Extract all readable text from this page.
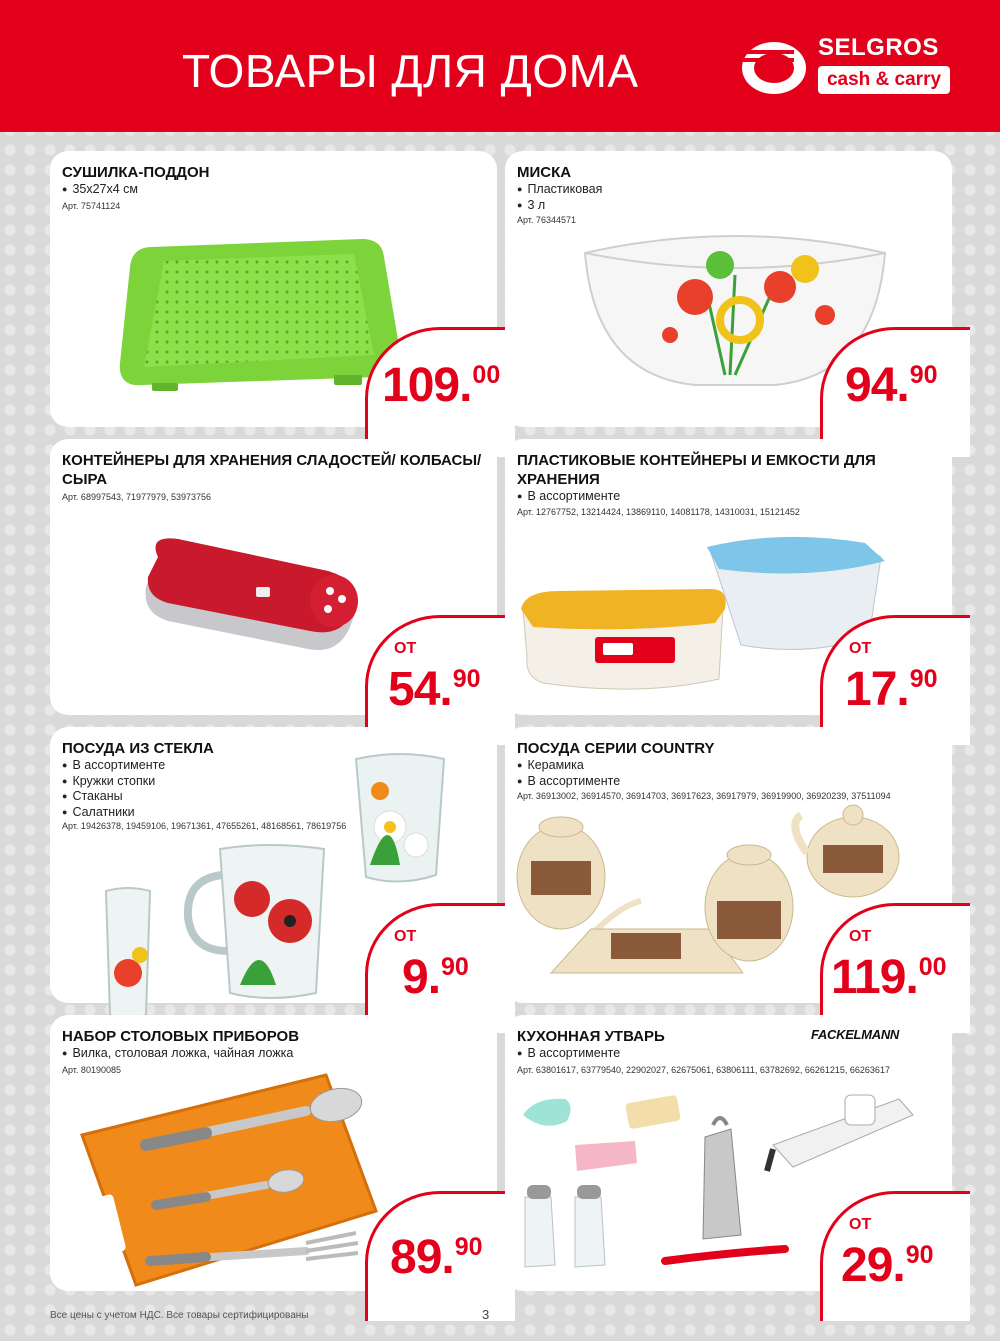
ТОВАРЫ ДЛЯ ДОМА	SELGROS
cash & carry
СУШИЛКА-ПОДДОН
● 35x27x4 см
Арт. 75741124
109.00
МИСКА
● Пластиковая
● 3 л
Арт. 76344571
94.90
КОНТЕЙНЕРЫ ДЛЯ ХРАНЕНИЯ СЛАДОСТЕЙ/ КОЛБАСЫ/СЫРА
Арт. 68997543, 71977979, 53973756
ОТ
54.90
ПЛАСТИКОВЫЕ КОНТЕЙНЕРЫ И ЕМКОСТИ ДЛЯ ХРАНЕНИЯ
● В ассортименте
Арт. 12767752, 13214424, 13869110, 14081178, 14310031, 15121452
ОТ
17.90
ПОСУДА ИЗ СТЕКЛА
● В ассортименте
● Кружки стопки
● Стаканы
● Салатники
Арт. 19426378, 19459106, 19671361, 47655261, 48168561, 78619756
ОТ
9.90
ПОСУДА СЕРИИ COUNTRY
● Керамика
● В ассортименте
Арт. 36913002, 36914570, 36914703, 36917623, 36917979, 36919900, 36920239, 37511094
ОТ
119.00
НАБОР СТОЛОВЫХ ПРИБОРОВ
● Вилка, столовая ложка, чайная ложка
Арт. 80190085
89.90
КУХОННАЯ УТВАРЬ	FACKELMANN
● В ассортименте
Арт. 63801617, 63779540, 22902027, 62675061, 63806111, 63782692, 66261215, 66263617
ОТ
29.90
Все цены с учетом НДС. Все товары сертифицированы	3
